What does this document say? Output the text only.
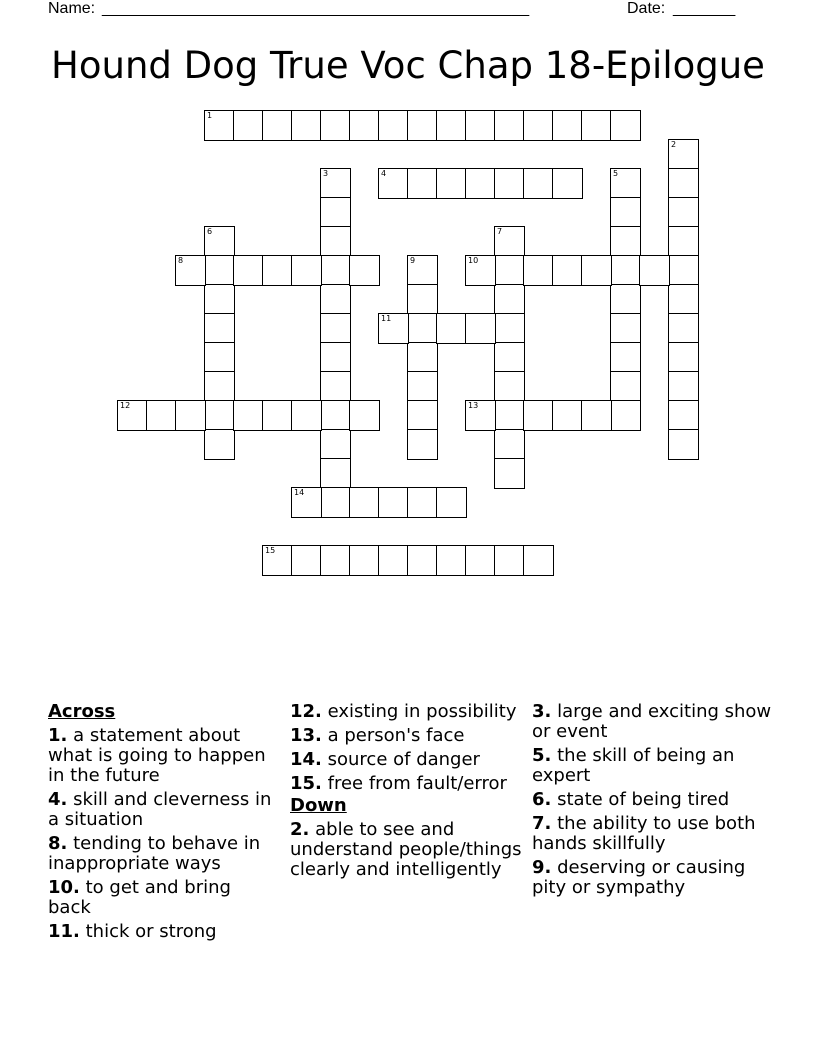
Name: ________________________________________________	Date: _______
Hound Dog True Voc Chap 18-Epilogue
1
2
3	4	5
6	7
8	9	10
11
12	13
14
15
Across
1. a statement about what is going to happen in the future
4. skill and cleverness in a situation
8. tending to behave in inappropriate ways
10. to get and bring back
11. thick or strong
12. existing in possibility
13. a person's face
14. source of danger
15. free from fault/error
Down
2. able to see and understand people/things clearly and intelligently
3. large and exciting show or event
5. the skill of being an expert
6. state of being tired
7. the ability to use both hands skillfully
9. deserving or causing pity or sympathy
